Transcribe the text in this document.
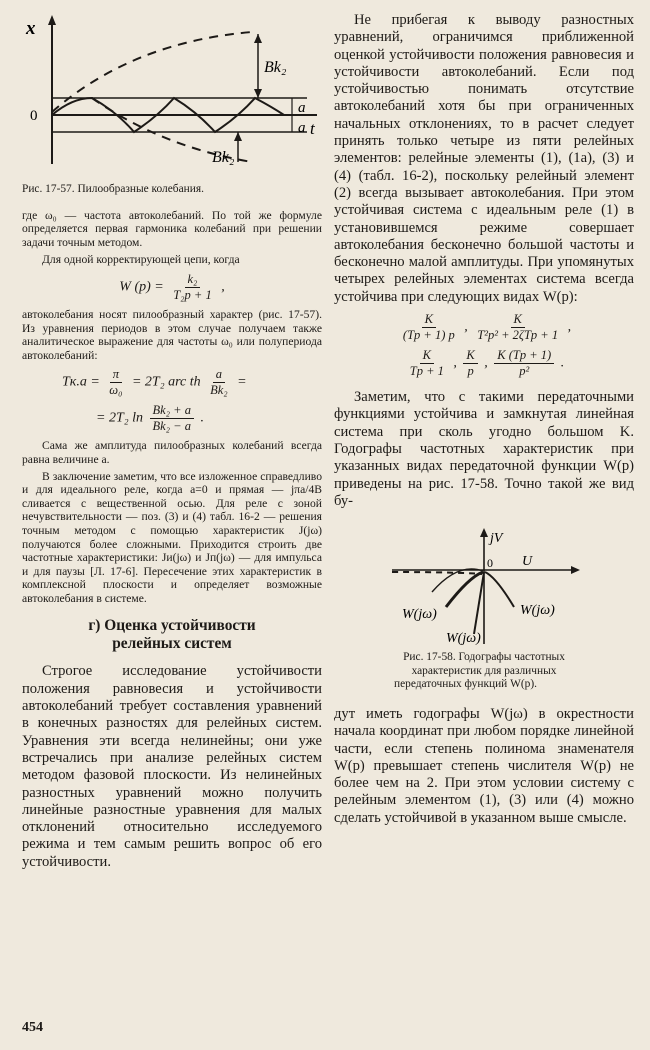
x
0
t
a
a
Bk₂
Bk₂

Рис. 17-57. Пилообразные колебания.

где ω₀ — частота автоколебаний. По той же формуле определяется первая гармоника колебаний при решении задачи точным методом.

Для одной корректирующей цепи, когда

W $(p) = \frac{\text{k₂}}{\text{T₂p + 1}}$ ,

автоколебания носят пилообразный характер (рис. 17-57). Из уравнения периодов в этом случае получаем также аналитическое выражение для частоты ω₀ или полупериода автоколебаний:

$Tк.а = \frac{\pi}{\text{ω₀}} = 2T_2$ arc th $\frac{a}{\text{Bk₂}}$ =
= 2T₂ $\ln \frac{\text{Bk₂ + a}}{\text{Bk₂ − a}}$ .

Сама же амплитуда пилообразных колебаний всегда равна величине a.

В заключение заметим, что все изложенное справедливо и для идеального реле, когда a=0 и прямая — jπa/4B сливается с вещественной осью. Для реле с зоной нечувствительности — поз. (3) и (4) табл. 16-2 — решения точным методом с помощью характеристик J(jω) получаются более сложными. Приходится строить две частотные характеристики: Jи(jω) и Jп(jω) — для импульса и для паузы [Л. 17-6]. Пересечение этих характеристик в комплексной плоскости и определяет возможные автоколебания в системе.

г) Оценка устойчивости
релейных систем

Строгое исследование устойчивости положения равновесия и устойчивости автоколебаний требует составления уравнений в конечных разностях для релейных систем. Уравнения эти всегда нелинейны; они уже встречались при анализе релейных систем методом фазовой плоскости. Из нелинейных разностных уравнений можно получить линейные разностные уравнения для малых отклонений относительно исследуемого режима и тем самым решить вопрос об его устойчивости.

Не прибегая к выводу разностных уравнений, ограничимся приближенной оценкой устойчивости положения равновесия и устойчивости автоколебаний. Если под устойчивостью понимать отсутствие автоколебаний хотя бы при ограниченных начальных отклонениях, то в расчет следует принять только четыре из пяти релейных элементов: релейные элементы (1), (1a), (3) и (4) (табл. 16-2), поскольку релейный элемент (2) всегда вызывает автоколебания. При этом устойчивая система с идеальным реле (1) в установившемся режиме совершает автоколебания бесконечно большой частоты и бесконечно малой амплитуды. При упомянутых четырех релейных элементах система всегда устойчива при следующих видах W(p):

$\frac{K}{(Tp + 1) p}$ , $\frac{K}{\text{T²p² + 2ζTp + 1}}$ ,
$\frac{K}{Tp + 1}$ , $\frac{K}{p}$ , $\frac{K (Tp + 1)}{\text{p²}}$ .

Заметим, что с такими передаточными функциями устойчива и замкнутая линейная система при сколь угодно большом K. Годографы частотных характеристик при указанных видах передаточной функции W(p) приведены на рис. 17-58. Точно такой же вид бу-

jV
U
0
W(jω)
W(jω)
W(jω)

Рис. 17-58. Годографы частотных характеристик для различных передаточных функций W(p).

дут иметь годографы W(jω) в окрестности начала координат при любом порядке линейной части, если степень полинома знаменателя W(p) превышает степень числителя W(p) не более чем на 2. При этом условии систему с релейным элементом (1), (3) или (4) можно сделать устойчивой в указанном выше смысле.

454
